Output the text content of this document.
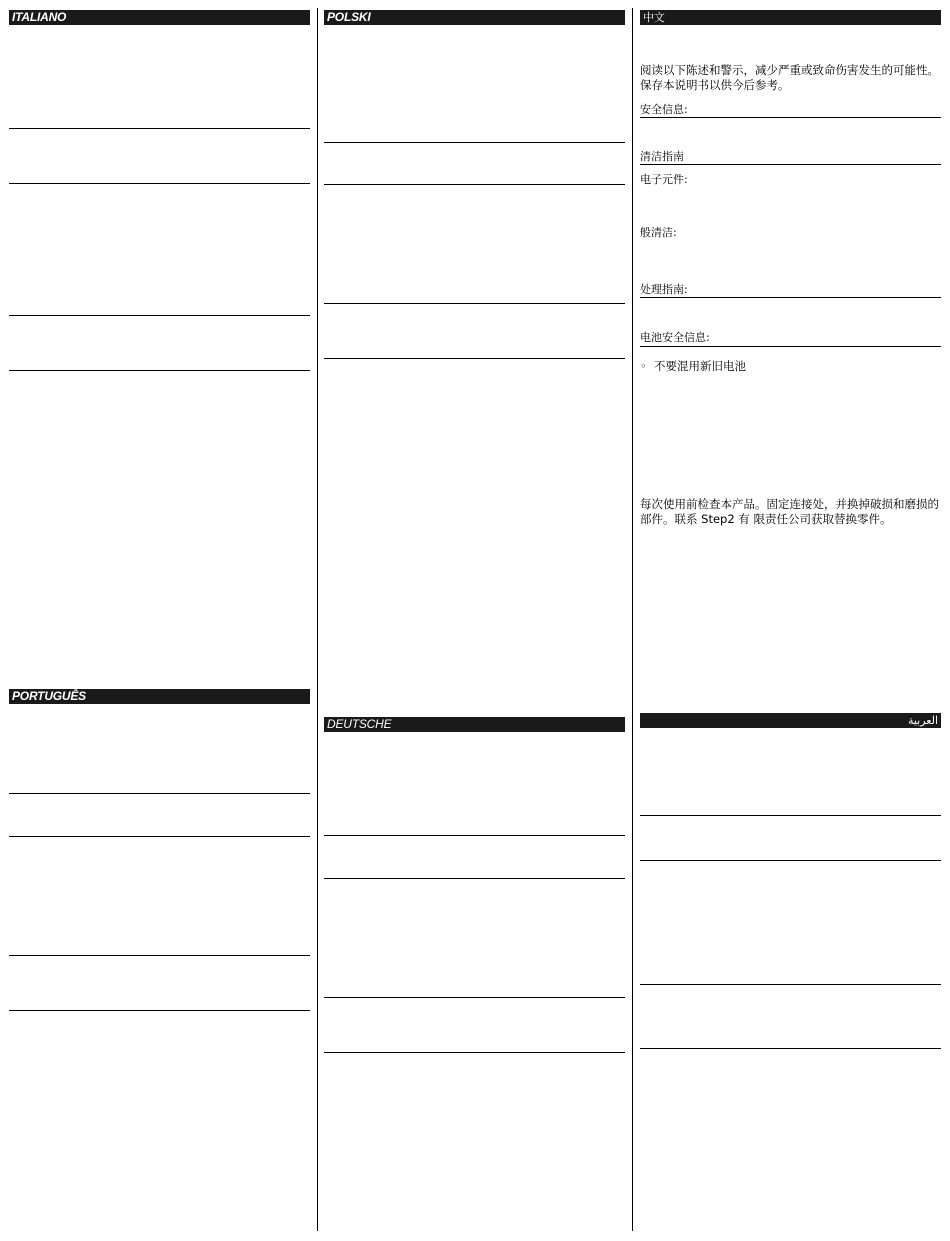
ITALIANO
PORTUGUÊS
POLSKI
DEUTSCHE
中文

阅读以下陈述和警示，减少严重或致命伤害发生的可能性。保存本说明书以供今后参考。

安全信息:

清洁指南

电子元件:

般清洁:

处理指南:

电池安全信息:

◦ 不要混用新旧电池

每次使用前检查本产品。固定连接处，并换掉破损和磨损的部件。联系 Step2 有 限责任公司获取替换零件。

العربية
